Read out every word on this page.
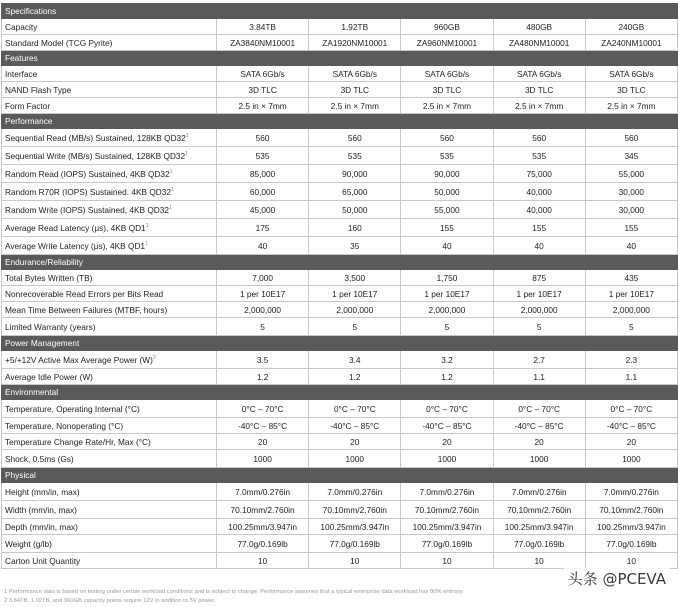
Specifications					
Capacity	3.84TB	1.92TB	960GB	480GB	240GB
Standard Model (TCG Pyrite)	ZA3840NM10001	ZA1920NM10001	ZA960NM10001	ZA480NM10001	ZA240NM10001
Features					
Interface	SATA 6Gb/s	SATA 6Gb/s	SATA 6Gb/s	SATA 6Gb/s	SATA 6Gb/s
NAND Flash Type	3D TLC	3D TLC	3D TLC	3D TLC	3D TLC
Form Factor	2.5 in × 7mm	2.5 in × 7mm	2.5 in × 7mm	2.5 in × 7mm	2.5 in × 7mm
Performance					
Sequential Read (MB/s) Sustained, 128KB $QD32^1$	560	560	560	560	560
Sequential Write (MB/s) Sustained, 128KB $QD32^1$	535	535	535	535	345
Random Read (IOPS) Sustained, 4KB $QD32^1$	85,000	90,000	90,000	75,000	55,000
Random R70R (IOPS) Sustained. 4KB $QD32^1$	60,000	65,000	50,000	40,000	30,000
Random Write (IOPS) Sustained, 4KB $QD32^1$	45,000	50,000	55,000	40,000	30,000
Average Read Latency (μs), 4KB $QD1^1$	175	160	155	155	155
Average Write Latency (μs), 4KB $QD1^1$	40	35	40	40	40
Endurance/Reliability					
Total Bytes Written (TB)	7,000	3,500	1,750	875	435
Nonrecoverable Read Errors per Bits Read	1 per 10E17	1 per 10E17	1 per 10E17	1 per 10E17	1 per 10E17
Mean Time Between Failures (MTBF, hours)	2,000,000	2,000,000	2,000,000	2,000,000	2,000,000
Limited Warranty (years)	5	5	5	5	5
Power Management					
+5/+12V Active Max Average Power $(W)^2$	3.5	3.4	3.2	2.7	2.3
Average Idle Power (W)	1.2	1.2	1.2	1.1	1.1
Environmental					
Temperature, Operating Internal (°C)	0°C – 70°C	0°C – 70°C	0°C – 70°C	0°C – 70°C	0°C – 70°C
Temperature, Nonoperating (°C)	-40°C – 85°C	-40°C – 85°C	-40°C – 85°C	-40°C – 85°C	-40°C – 85°C
Temperature Change Rate/Hr, Max (°C)	20	20	20	20	20
Shock, 0.5ms (Gs)	1000	1000	1000	1000	1000
Physical					
Height (mm/in, max)	7.0mm/0.276in	7.0mm/0.276in	7.0mm/0.276in	7.0mm/0.276in	7.0mm/0.276in
Width (mm/in, max)	70.10mm/2.760in	70.10mm/2.760in	70.10mm/2.760in	70.10mm/2.760in	70.10mm/2.760in
Depth (mm/in, max)	100.25mm/3.947in	100.25mm/3.947in	100.25mm/3.947in	100.25mm/3.947in	100.25mm/3.947in
Weight (g/lb)	77.0g/0.169lb	77.0g/0.169lb	77.0g/0.169lb	77.0g/0.169lb	77.0g/0.169lb
Carton Unit Quantity	10	10	10	10	10
1 Performance data is based on testing under certain workload conditions and is subject to change. Performance assumes that a typical enterprise data workload has 80% entropy.
2 3.84TB, 1.92TB, and 960GB capacity points require 12V in addition to 5V power.
头条 @PCEVA
